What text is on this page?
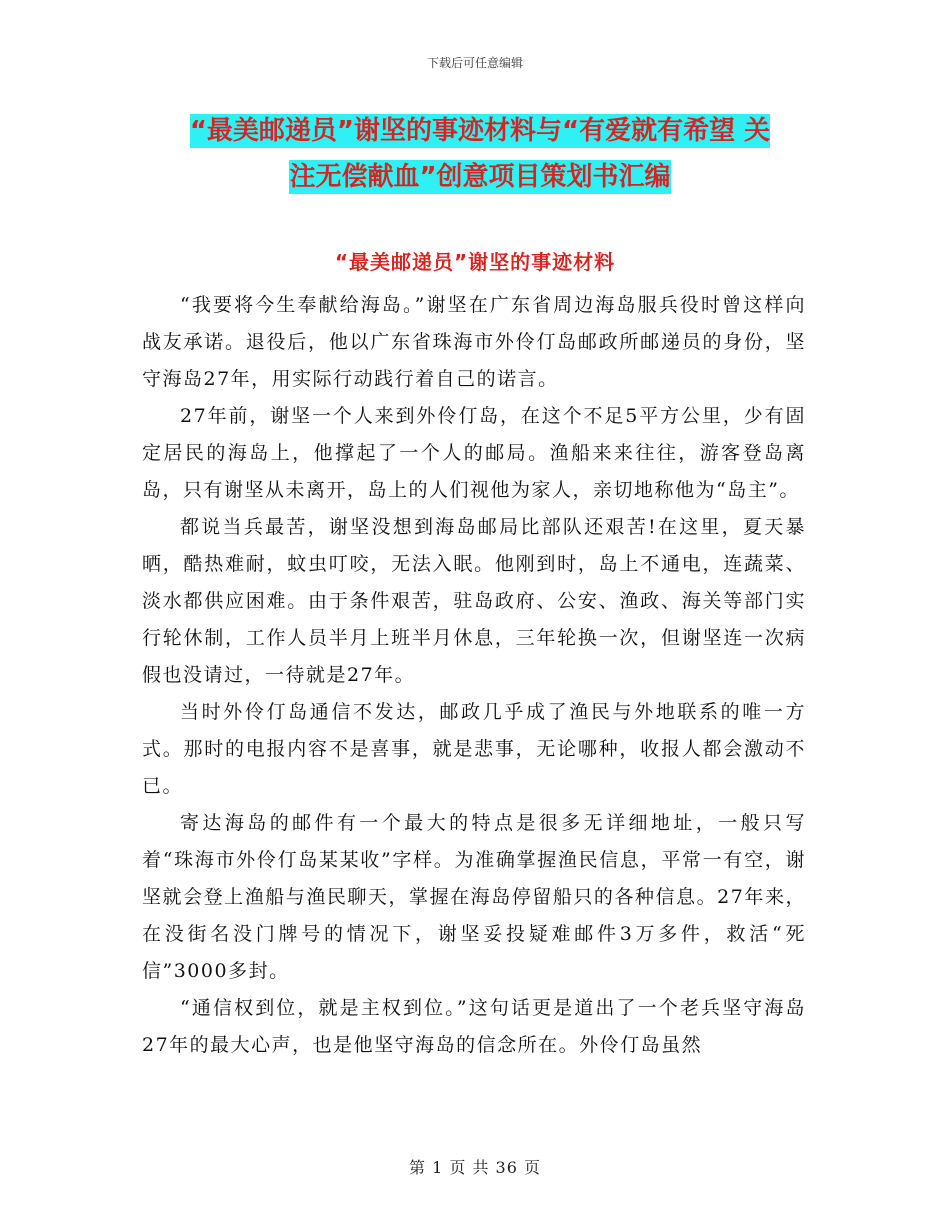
下载后可任意编辑
“最美邮递员”谢坚的事迹材料与“有爱就有希望 关
注无偿献血”创意项目策划书汇编
“最美邮递员”谢坚的事迹材料

“我要将今生奉献给海岛。”谢坚在广东省周边海岛服兵役时曾这样向战友承诺。退役后，他以广东省珠海市外伶仃岛邮政所邮递员的身份，坚守海岛27年，用实际行动践行着自己的诺言。

27年前，谢坚一个人来到外伶仃岛，在这个不足5平方公里，少有固定居民的海岛上，他撑起了一个人的邮局。渔船来来往往，游客登岛离岛，只有谢坚从未离开，岛上的人们视他为家人，亲切地称他为“岛主”。

都说当兵最苦，谢坚没想到海岛邮局比部队还艰苦!在这里，夏天暴晒，酷热难耐，蚊虫叮咬，无法入眠。他刚到时，岛上不通电，连蔬菜、淡水都供应困难。由于条件艰苦，驻岛政府、公安、渔政、海关等部门实行轮休制，工作人员半月上班半月休息，三年轮换一次，但谢坚连一次病假也没请过，一待就是27年。

当时外伶仃岛通信不发达，邮政几乎成了渔民与外地联系的唯一方式。那时的电报内容不是喜事，就是悲事，无论哪种，收报人都会激动不已。

寄达海岛的邮件有一个最大的特点是很多无详细地址，一般只写着“珠海市外伶仃岛某某收”字样。为准确掌握渔民信息，平常一有空，谢坚就会登上渔船与渔民聊天，掌握在海岛停留船只的各种信息。27年来，在没街名没门牌号的情况下，谢坚妥投疑难邮件3万多件，救活“死信”3000多封。

“通信权到位，就是主权到位。”这句话更是道出了一个老兵坚守海岛27年的最大心声，也是他坚守海岛的信念所在。外伶仃岛虽然

第 1 页 共 36 页
